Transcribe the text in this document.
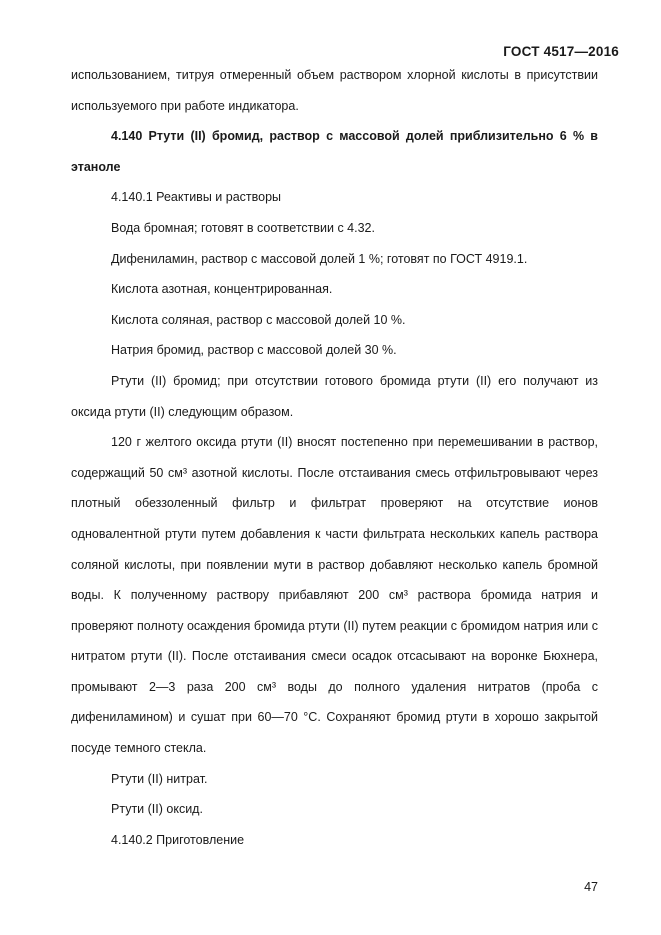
ГОСТ 4517—2016

использованием, титруя отмеренный объем раствором хлорной кислоты в присутствии используемого при работе индикатора.

4.140 Ртути (II) бромид, раствор с массовой долей приблизительно 6 % в этаноле

4.140.1 Реактивы и растворы

Вода бромная; готовят в соответствии с 4.32.

Дифениламин, раствор с массовой долей 1 %; готовят по ГОСТ 4919.1.

Кислота азотная, концентрированная.

Кислота соляная, раствор с массовой долей 10 %.

Натрия бромид, раствор с массовой долей 30 %.

Ртути (II) бромид; при отсутствии готового бромида ртути (II) его получают из оксида ртути (II) следующим образом.

120 г желтого оксида ртути (II) вносят постепенно при перемешивании в раствор, содержащий 50 см³ азотной кислоты. После отстаивания смесь отфильтровывают через плотный обеззоленный фильтр и фильтрат проверяют на отсутствие ионов одновалентной ртути путем добавления к части фильтрата нескольких капель раствора соляной кислоты, при появлении мути в раствор добавляют несколько капель бромной воды. К полученному раствору прибавляют 200 см³ раствора бромида натрия и проверяют полноту осаждения бромида ртути (II) путем реакции с бромидом натрия или с нитратом ртути (II). После отстаивания смеси осадок отсасывают на воронке Бюхнера, промывают 2—3 раза 200 см³ воды до полного удаления нитратов (проба с дифениламином) и сушат при 60—70 °С. Сохраняют бромид ртути в хорошо закрытой посуде темного стекла.

Ртути (II) нитрат.

Ртути (II) оксид.

4.140.2 Приготовление

47
